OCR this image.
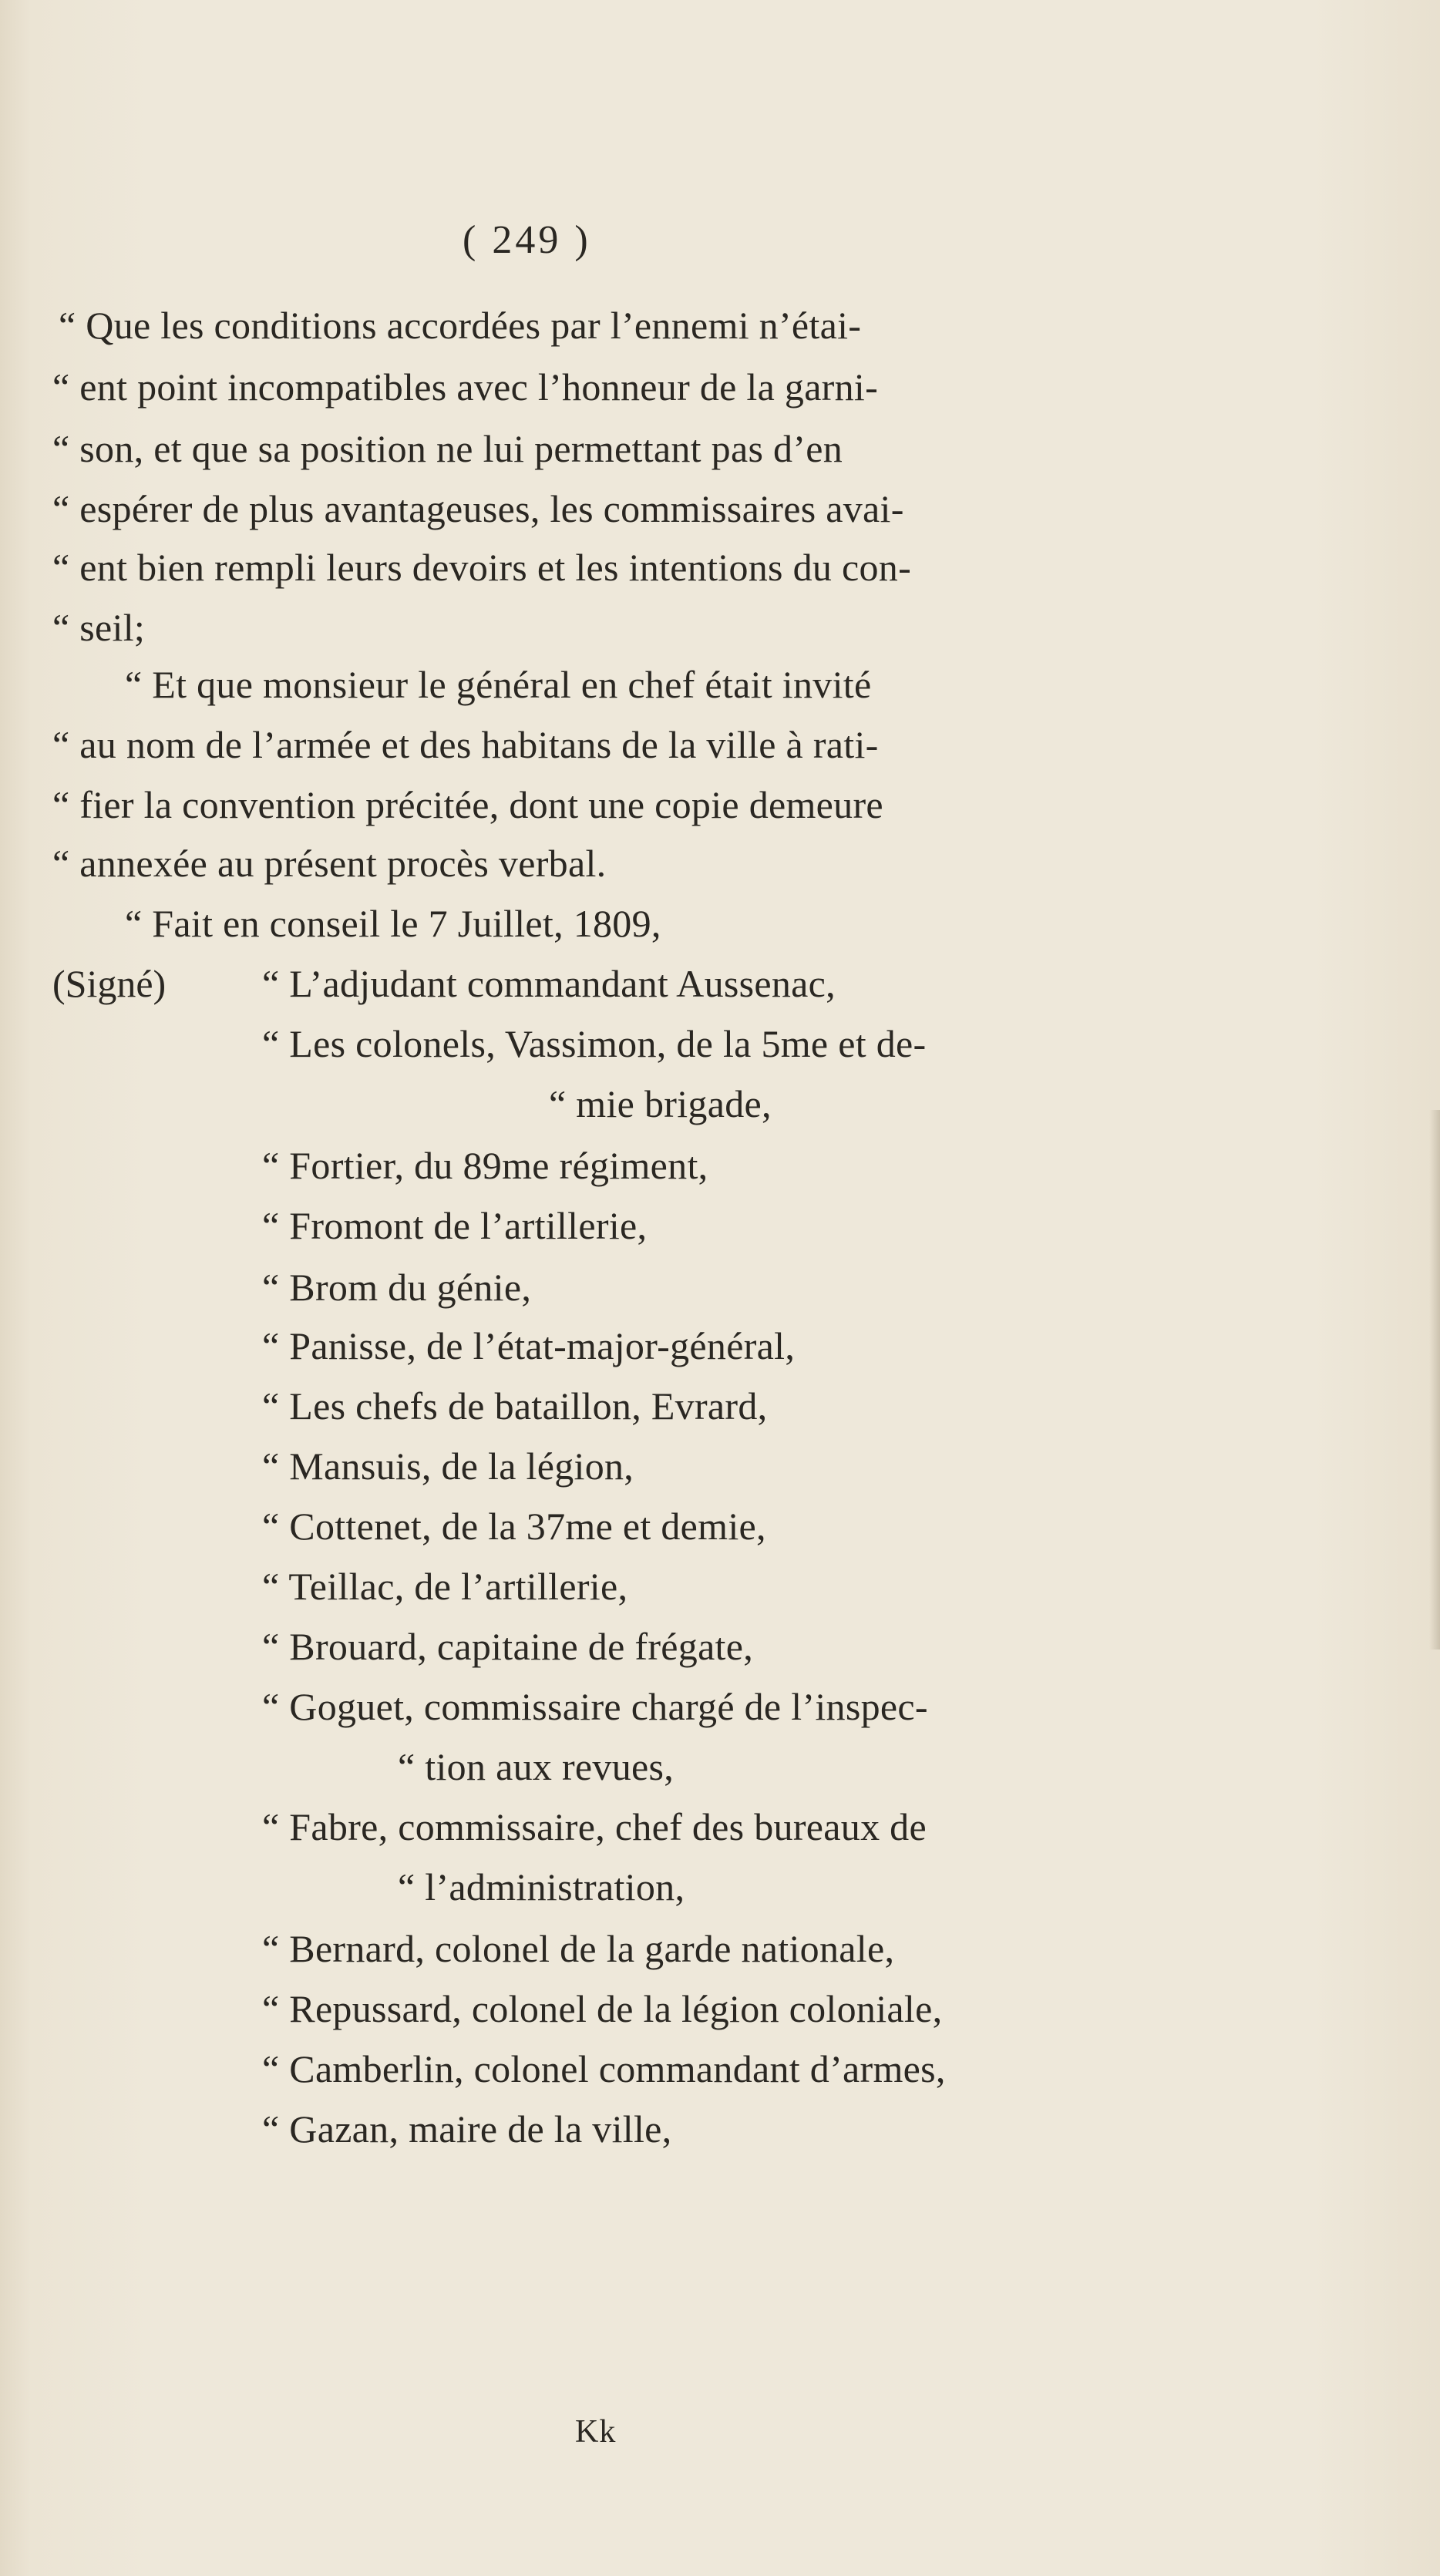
( 249 )
“ Que les conditions accordées par l’ennemi n’étai-
“ ent point incompatibles avec l’honneur de la garni-
“ son, et que sa position ne lui permettant pas d’en
“ espérer de plus avantageuses, les commissaires avai-
“ ent bien rempli leurs devoirs et les intentions du con-
“ seil;
“ Et que monsieur le général en chef était invité
“ au nom de l’armée et des habitans de la ville à rati-
“ fier la convention précitée, dont une copie demeure
“ annexée au présent procès verbal.
“ Fait en conseil le 7 Juillet, 1809,
(Signé) “ L’adjudant commandant Aussenac,
“ Les colonels, Vassimon, de la 5me et de-
“ mie brigade,
“ Fortier, du 89me régiment,
“ Fromont de l’artillerie,
“ Brom du génie,
“ Panisse, de l’état-major-général,
“ Les chefs de bataillon, Evrard,
“ Mansuis, de la légion,
“ Cottenet, de la 37me et demie,
“ Teillac, de l’artillerie,
“ Brouard, capitaine de frégate,
“ Goguet, commissaire chargé de l’inspec-
“ tion aux revues,
“ Fabre, commissaire, chef des bureaux de
“ l’administration,
“ Bernard, colonel de la garde nationale,
“ Repussard, colonel de la légion coloniale,
“ Camberlin, colonel commandant d’armes,
“ Gazan, maire de la ville,
Kk
